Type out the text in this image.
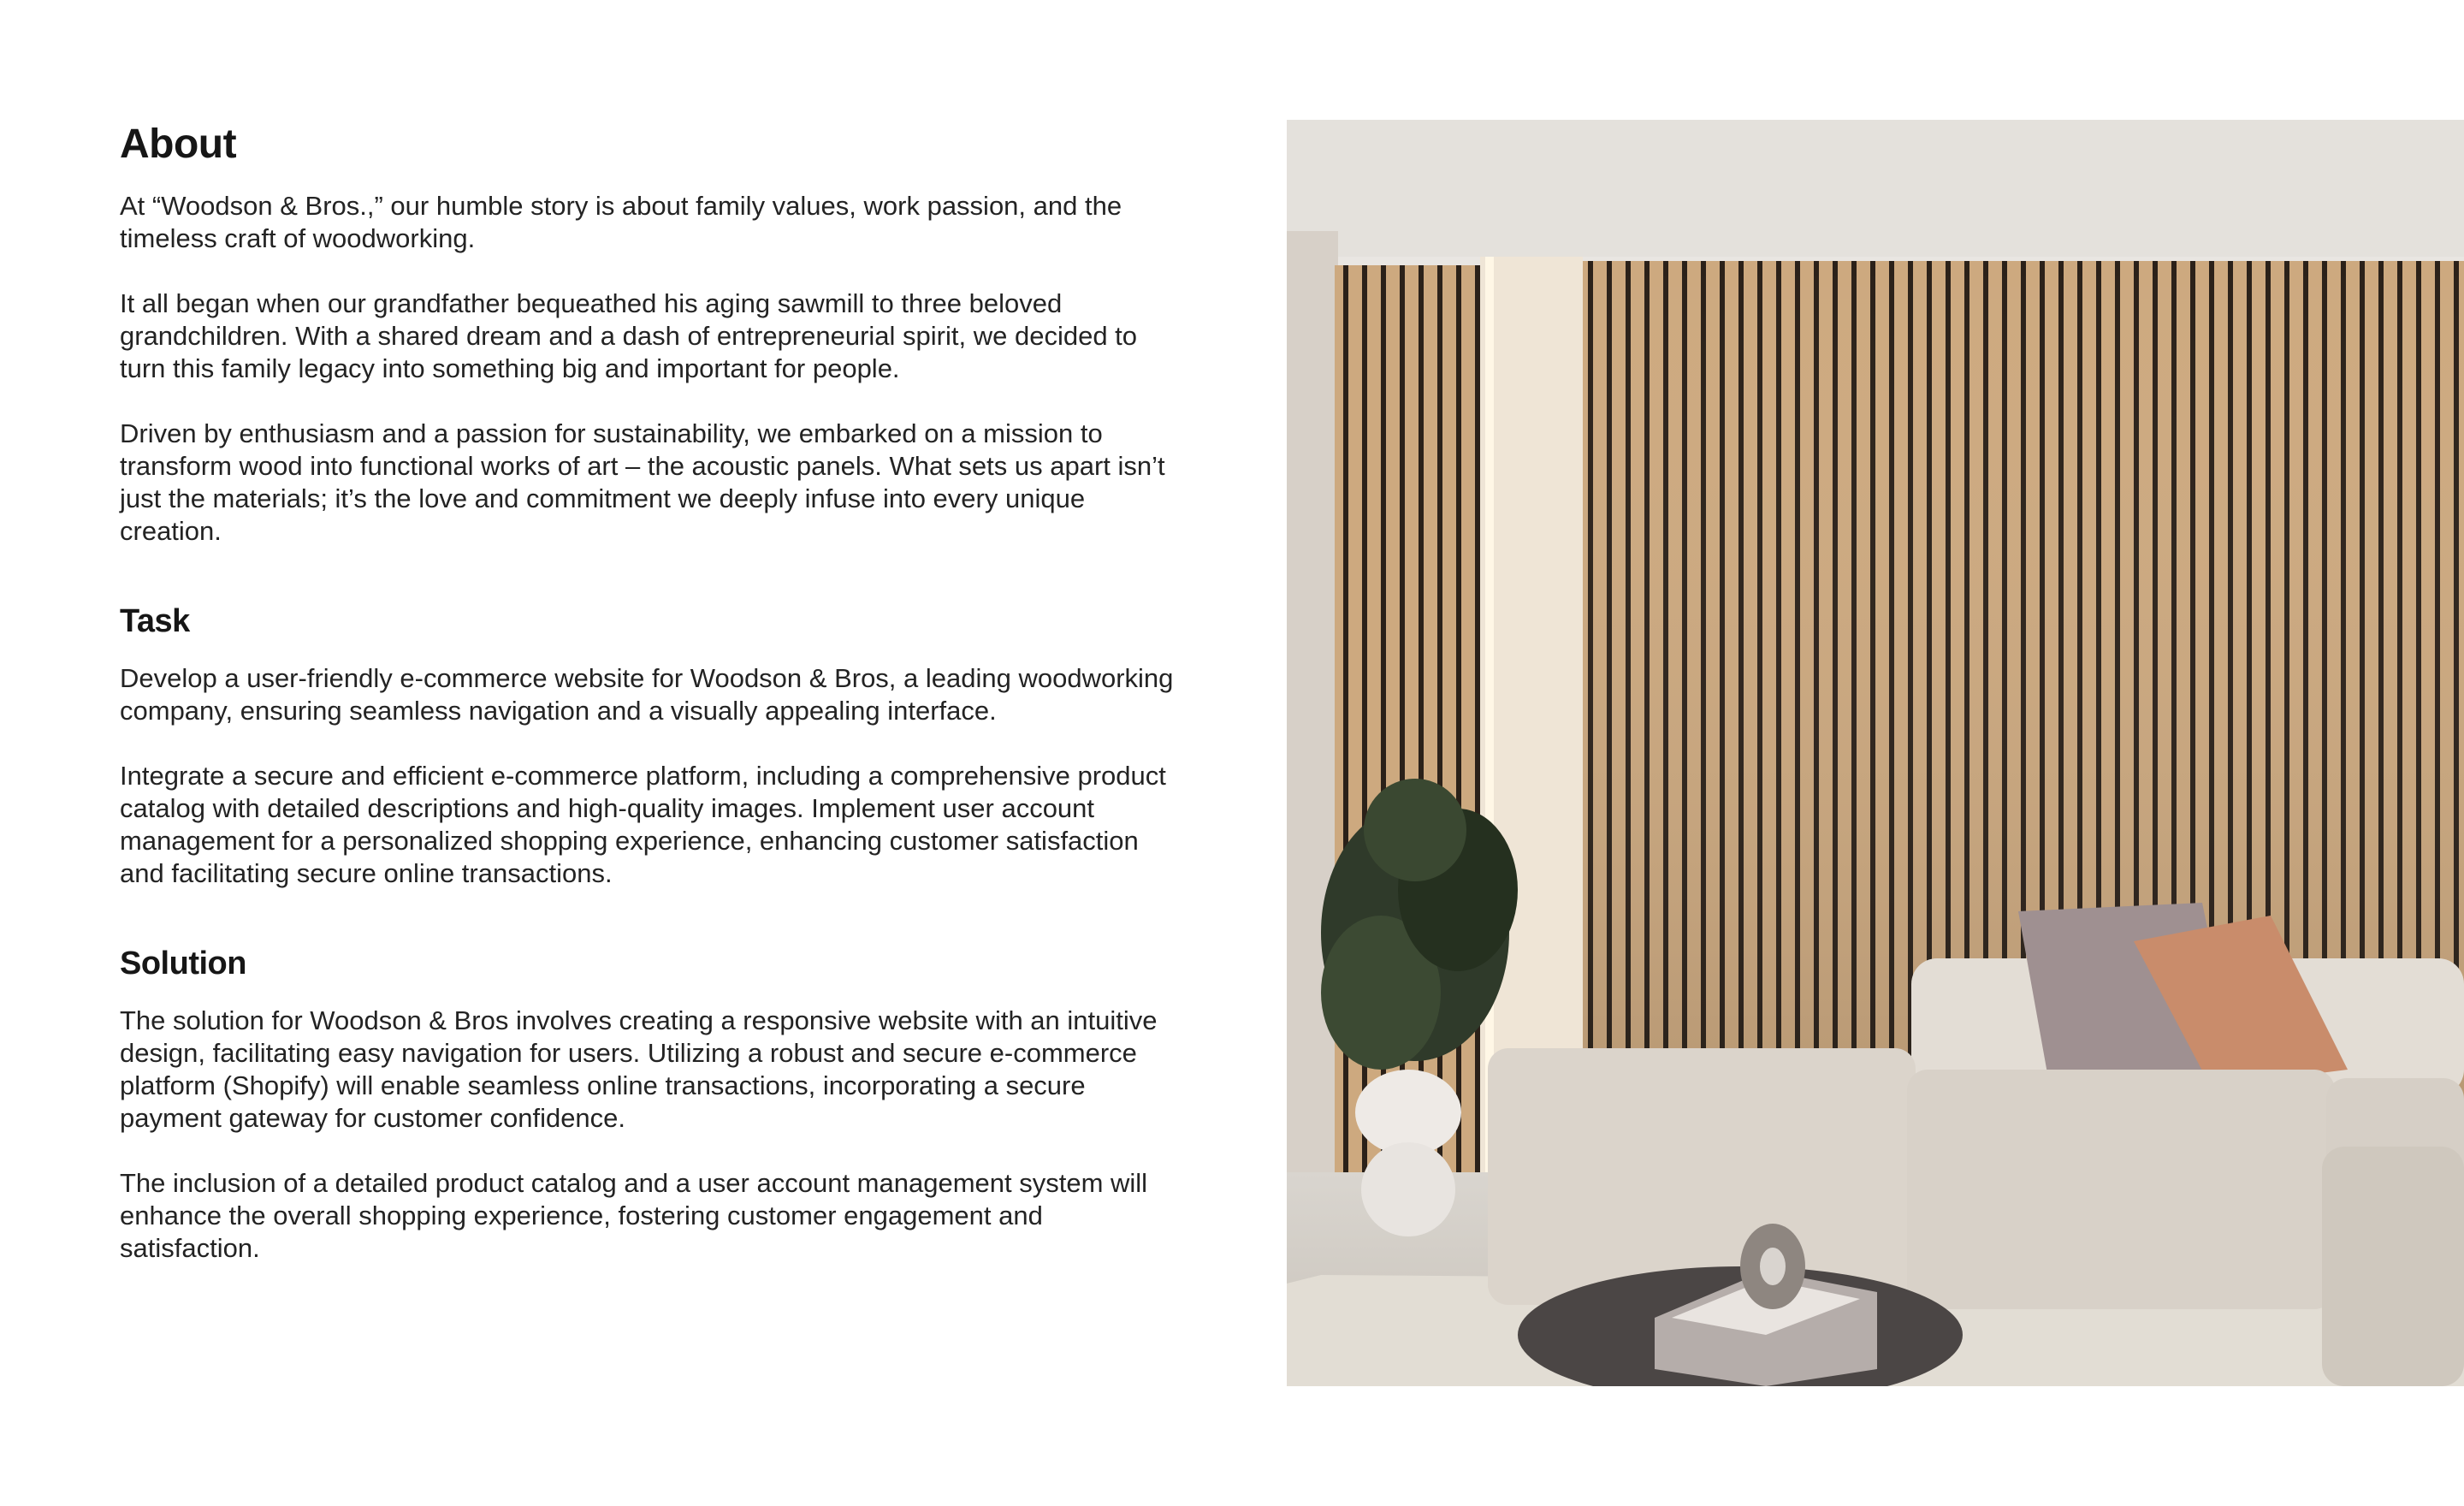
About

At “Woodson & Bros.,” our humble story is about family values, work passion, and the timeless craft of woodworking.

It all began when our grandfather bequeathed his aging sawmill to three beloved grandchildren. With a shared dream and a dash of entrepreneurial spirit, we decided to turn this family legacy into something big and important for people.

Driven by enthusiasm and a passion for sustainability, we embarked on a mission to transform wood into functional works of art – the acoustic panels. What sets us apart isn’t just the materials; it’s the love and commitment we deeply infuse into every unique creation.

Task

Develop a user-friendly e-commerce website for Woodson & Bros, a leading woodworking company, ensuring seamless navigation and a visually appealing interface.

Integrate a secure and efficient e-commerce platform, including a comprehensive product catalog with detailed descriptions and high-quality images. Implement user account management for a personalized shopping experience, enhancing customer satisfaction and facilitating secure online transactions.

Solution

The solution for Woodson & Bros involves creating a responsive website with an intuitive design, facilitating easy navigation for users. Utilizing a robust and secure e-commerce platform (Shopify) will enable seamless online transactions, incorporating a secure payment gateway for customer confidence.

The inclusion of a detailed product catalog and a user account management system will enhance the overall shopping experience, fostering customer engagement and satisfaction.
